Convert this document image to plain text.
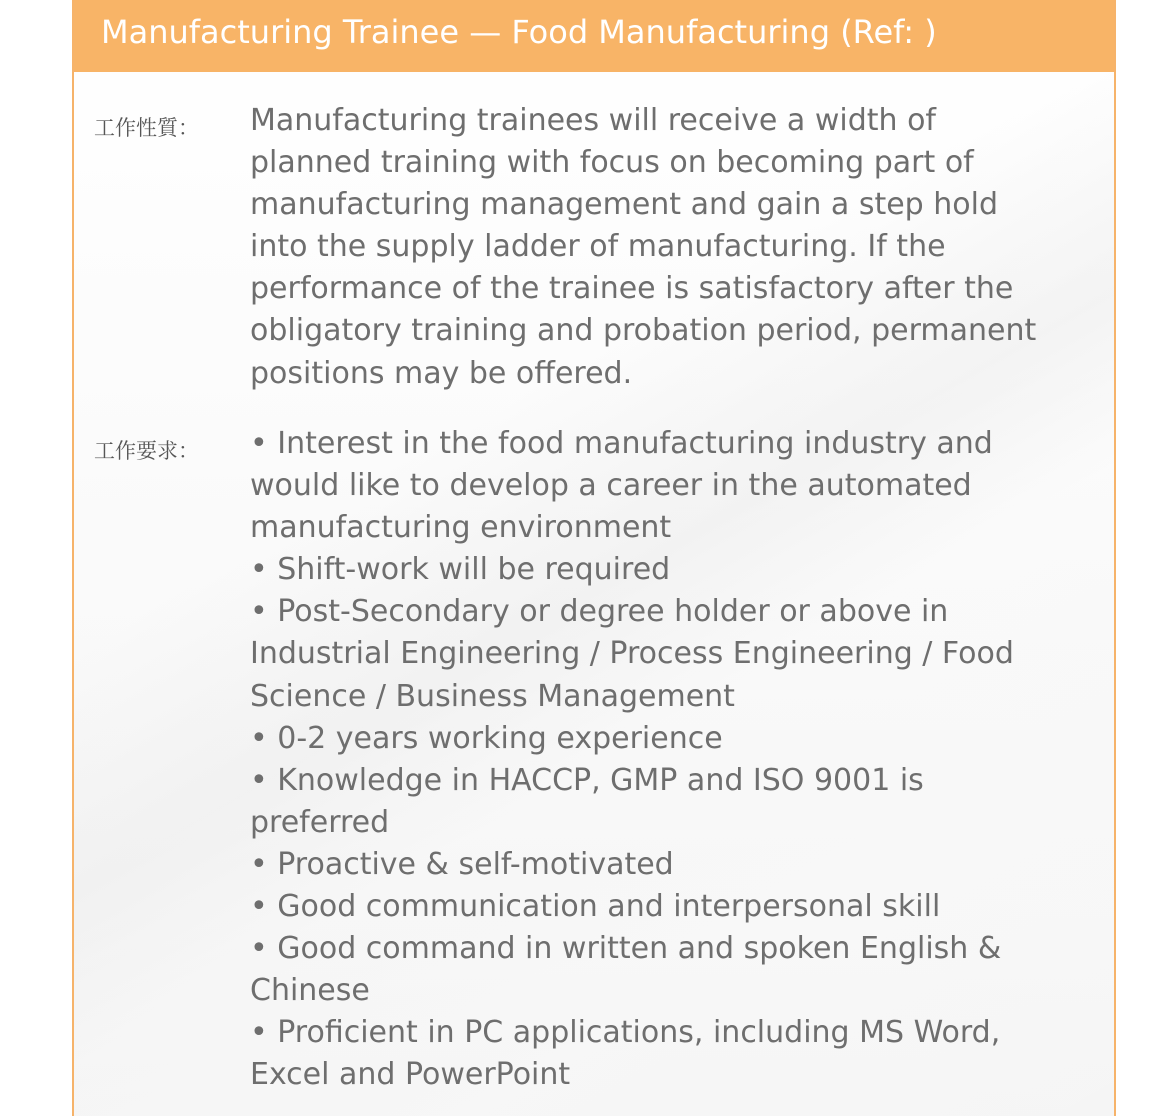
Manufacturing Trainee — Food Manufacturing (Ref: )
工作性質： Manufacturing trainees will receive a width of
planned training with focus on becoming part of
manufacturing management and gain a step hold
into the supply ladder of manufacturing. If the
performance of the trainee is satisfactory after the
obligatory training and probation period, permanent
positions may be offered.
工作要求： • Interest in the food manufacturing industry and
would like to develop a career in the automated
manufacturing environment
• Shift-work will be required
• Post-Secondary or degree holder or above in
Industrial Engineering / Process Engineering / Food
Science / Business Management
• 0-2 years working experience
• Knowledge in HACCP, GMP and ISO 9001 is
preferred
• Proactive & self-motivated
• Good communication and interpersonal skill
• Good command in written and spoken English &
Chinese
• Proficient in PC applications, including MS Word,
Excel and PowerPoint
